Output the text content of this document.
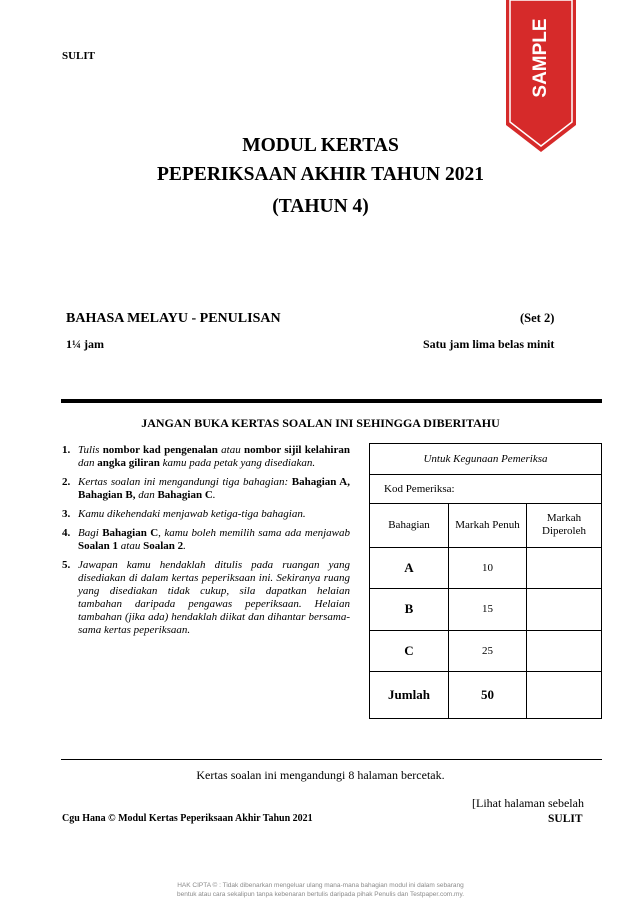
SULIT	SAMPLE
MODUL KERTAS
PEPERIKSAAN AKHIR TAHUN 2021
(TAHUN 4)
BAHASA MELAYU - PENULISAN	(Set 2)
1¼ jam	Satu jam lima belas minit
JANGAN BUKA KERTAS SOALAN INI SEHINGGA DIBERITAHU
1. Tulis nombor kad pengenalan atau nombor sijil kelahiran dan angka giliran kamu pada petak yang disediakan.
2. Kertas soalan ini mengandungi tiga bahagian: Bahagian A, Bahagian B, dan Bahagian C.
3. Kamu dikehendaki menjawab ketiga-tiga bahagian.
4. Bagi Bahagian C, kamu boleh memilih sama ada menjawab Soalan 1 atau Soalan 2.
5. Jawapan kamu hendaklah ditulis pada ruangan yang disediakan di dalam kertas peperiksaan ini. Sekiranya ruang yang disediakan tidak cukup, sila dapatkan helaian tambahan daripada pengawas peperiksaan. Helaian tambahan (jika ada) hendaklah diikat dan dihantar bersama-sama kertas peperiksaan.
Untuk Kegunaan Pemeriksa		
Kod Pemeriksa:		
Bahagian	Markah Penuh	Markah Diperoleh
A	10	
B	15	
C	25	
Jumlah	50	
Kertas soalan ini mengandungi 8 halaman bercetak.
[Lihat halaman sebelah
SULIT
Cgu Hana © Modul Kertas Peperiksaan Akhir Tahun 2021
HAK CIPTA © : Tidak dibenarkan mengeluar ulang mana-mana bahagian modul ini dalam sebarang
bentuk atau cara sekalipun tanpa kebenaran bertulis daripada pihak Penulis dan Testpaper.com.my.
